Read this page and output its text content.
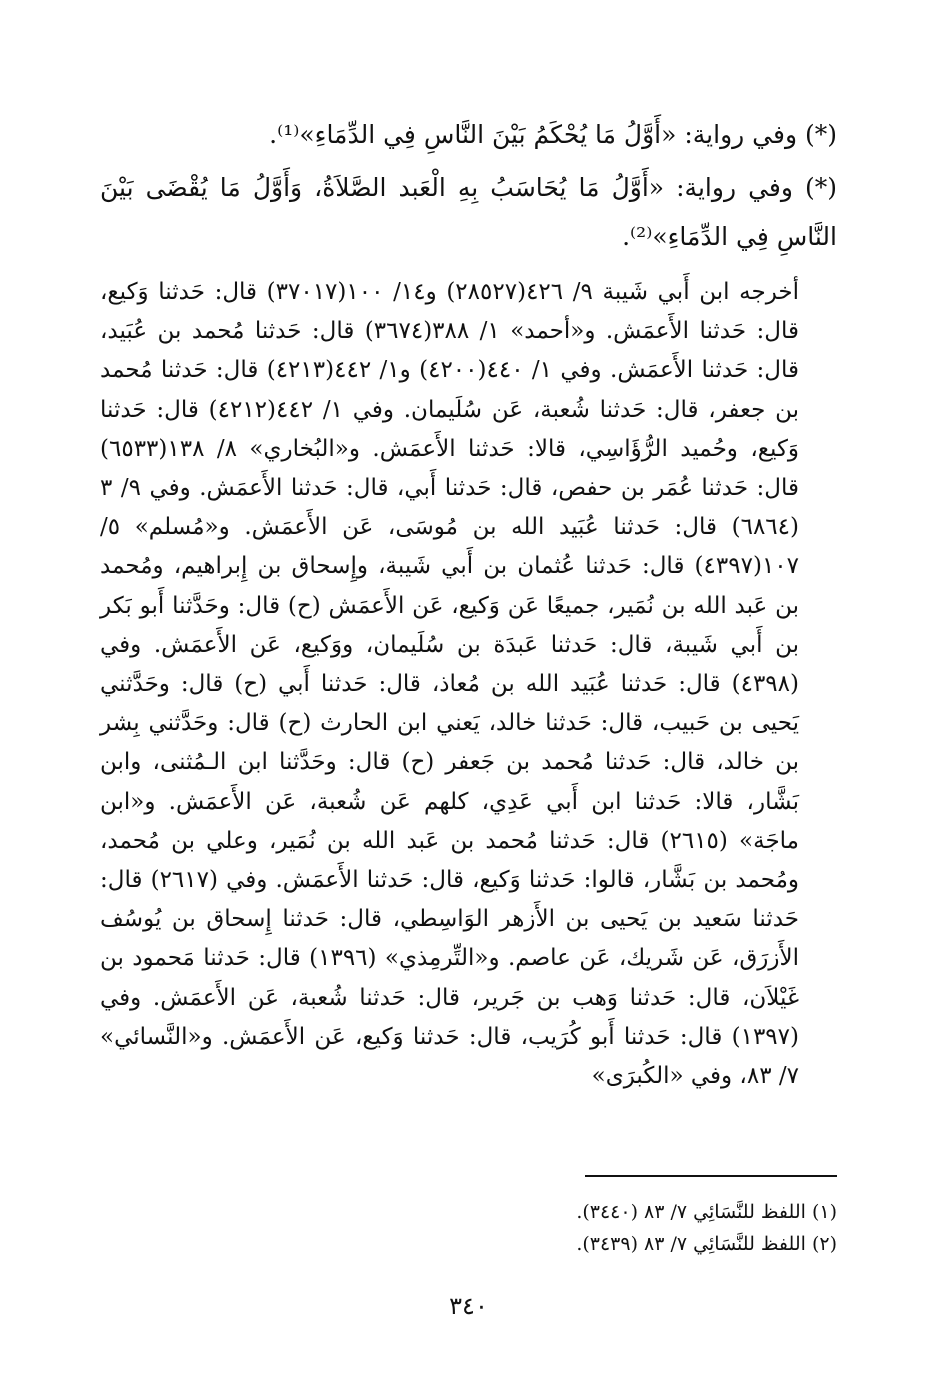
(*) وفي رواية: «أَوَّلُ مَا يُحْكَمُ بَيْنَ النَّاسِ فِي الدِّمَاءِ»⁽¹⁾.

(*) وفي رواية: «أَوَّلُ مَا يُحَاسَبُ بِهِ الْعَبد الصَّلاَةُ، وَأَوَّلُ مَا يُقْضَى بَيْنَ النَّاسِ فِي الدِّمَاءِ»⁽²⁾.

أخرجه ابن أَبي شَيبة ٩/ ٤٢٦(٢٨٥٢٧) و١٤/ ١٠٠(٣٧٠١٧) قال: حَدثنا وَكيع، قال: حَدثنا الأَعمَش. و«أحمد» ١/ ٣٨٨(٣٦٧٤) قال: حَدثنا مُحمد بن عُبَيد، قال: حَدثنا الأَعمَش. وفي ١/ ٤٤٠(٤٢٠٠) و١/ ٤٤٢(٤٢١٣) قال: حَدثنا مُحمد بن جعفر، قال: حَدثنا شُعبة، عَن سُلَيمان. وفي ١/ ٤٤٢(٤٢١٢) قال: حَدثنا وَكيع، وحُميد الرُّؤَاسِي، قالا: حَدثنا الأَعمَش. و«البُخاري» ٨/ ١٣٨(٦٥٣٣) قال: حَدثنا عُمَر بن حفص، قال: حَدثنا أَبي، قال: حَدثنا الأَعمَش. وفي ٩/ ٣ (٦٨٦٤) قال: حَدثنا عُبَيد الله بن مُوسَى، عَن الأَعمَش. و«مُسلم» ٥/ ١٠٧(٤٣٩٧) قال: حَدثنا عُثمان بن أَبي شَيبة، وإِسحاق بن إِبراهيم، ومُحمد بن عَبد الله بن نُمَير، جميعًا عَن وَكيع، عَن الأَعمَش (ح) قال: وحَدَّثنا أَبو بَكر بن أَبي شَيبة، قال: حَدثنا عَبدَة بن سُلَيمان، ووَكيع، عَن الأَعمَش. وفي (٤٣٩٨) قال: حَدثنا عُبَيد الله بن مُعاذ، قال: حَدثنا أَبي (ح) قال: وحَدَّثني يَحيى بن حَبيب، قال: حَدثنا خالد، يَعني ابن الحارث (ح) قال: وحَدَّثني بِشر بن خالد، قال: حَدثنا مُحمد بن جَعفر (ح) قال: وحَدَّثنا ابن الـمُثنى، وابن بَشَّار، قالا: حَدثنا ابن أَبي عَدِي، كلهم عَن شُعبة، عَن الأَعمَش. و«ابن ماجَة» (٢٦١٥) قال: حَدثنا مُحمد بن عَبد الله بن نُمَير، وعلي بن مُحمد، ومُحمد بن بَشَّار، قالوا: حَدثنا وَكيع، قال: حَدثنا الأَعمَش. وفي (٢٦١٧) قال: حَدثنا سَعيد بن يَحيى بن الأَزهر الوَاسِطي، قال: حَدثنا إِسحاق بن يُوسُف الأَزرَق، عَن شَريك، عَن عاصم. و«التِّرمِذي» (١٣٩٦) قال: حَدثنا مَحمود بن غَيْلاَن، قال: حَدثنا وَهب بن جَرير، قال: حَدثنا شُعبة، عَن الأَعمَش. وفي (١٣٩٧) قال: حَدثنا أَبو كُرَيب، قال: حَدثنا وَكيع، عَن الأَعمَش. و«النَّسائي» ٧/ ٨٣، وفي «الكُبرَى»

(١) اللفظ للنَّسَائِي ٧/ ٨٣ (٣٤٤٠).

(٢) اللفظ للنَّسَائِي ٧/ ٨٣ (٣٤٣٩).

٣٤٠
